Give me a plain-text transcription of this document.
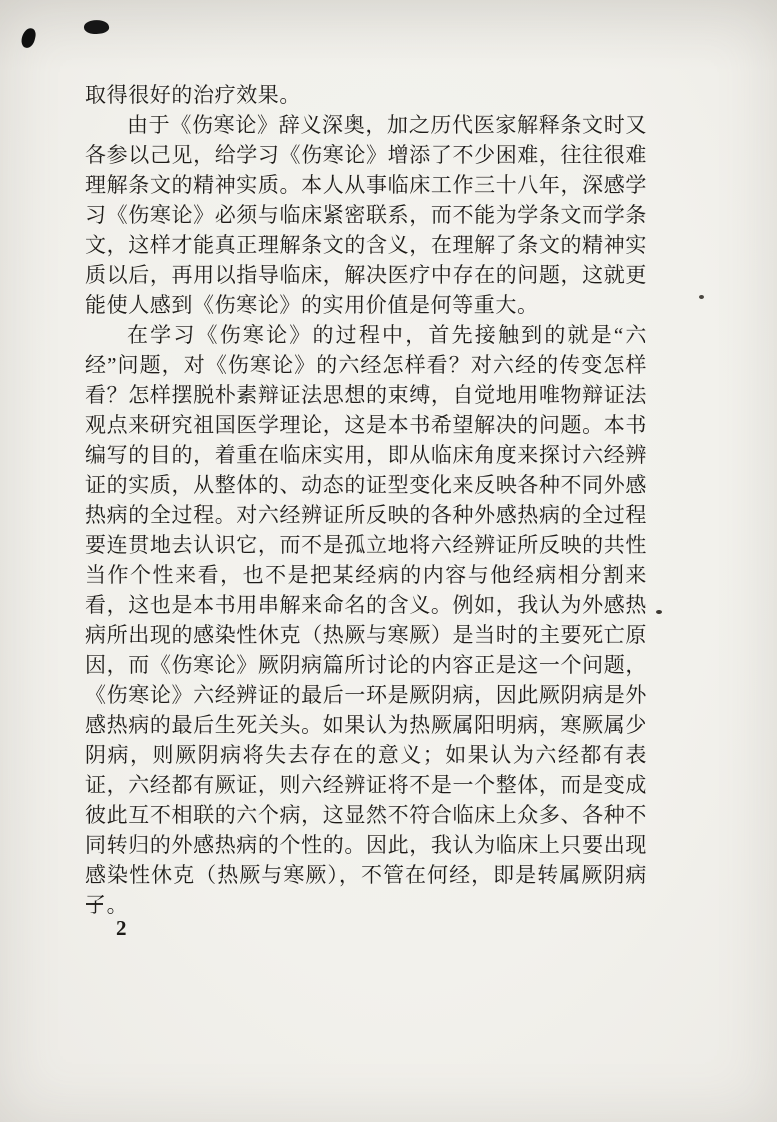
取得很好的治疗效果。

由于《伤寒论》辞义深奥，加之历代医家解释条文时又各参以己见，给学习《伤寒论》增添了不少困难，往往很难理解条文的精神实质。本人从事临床工作三十八年，深感学习《伤寒论》必须与临床紧密联系，而不能为学条文而学条文，这样才能真正理解条文的含义，在理解了条文的精神实质以后，再用以指导临床，解决医疗中存在的问题，这就更能使人感到《伤寒论》的实用价值是何等重大。

在学习《伤寒论》的过程中，首先接触到的就是“六经”问题，对《伤寒论》的六经怎样看？对六经的传变怎样看？怎样摆脱朴素辩证法思想的束缚，自觉地用唯物辩证法观点来研究祖国医学理论，这是本书希望解决的问题。本书编写的目的，着重在临床实用，即从临床角度来探讨六经辨证的实质，从整体的、动态的证型变化来反映各种不同外感热病的全过程。对六经辨证所反映的各种外感热病的全过程要连贯地去认识它，而不是孤立地将六经辨证所反映的共性当作个性来看，也不是把某经病的内容与他经病相分割来看，这也是本书用串解来命名的含义。例如，我认为外感热病所出现的感染性休克（热厥与寒厥）是当时的主要死亡原因，而《伤寒论》厥阴病篇所讨论的内容正是这一个问题，《伤寒论》六经辨证的最后一环是厥阴病，因此厥阴病是外感热病的最后生死关头。如果认为热厥属阳明病，寒厥属少阴病，则厥阴病将失去存在的意义；如果认为六经都有表证，六经都有厥证，则六经辨证将不是一个整体，而是变成彼此互不相联的六个病，这显然不符合临床上众多、各种不同转归的外感热病的个性的。因此，我认为临床上只要出现感染性休克（热厥与寒厥），不管在何经，即是转属厥阴病了。

2
